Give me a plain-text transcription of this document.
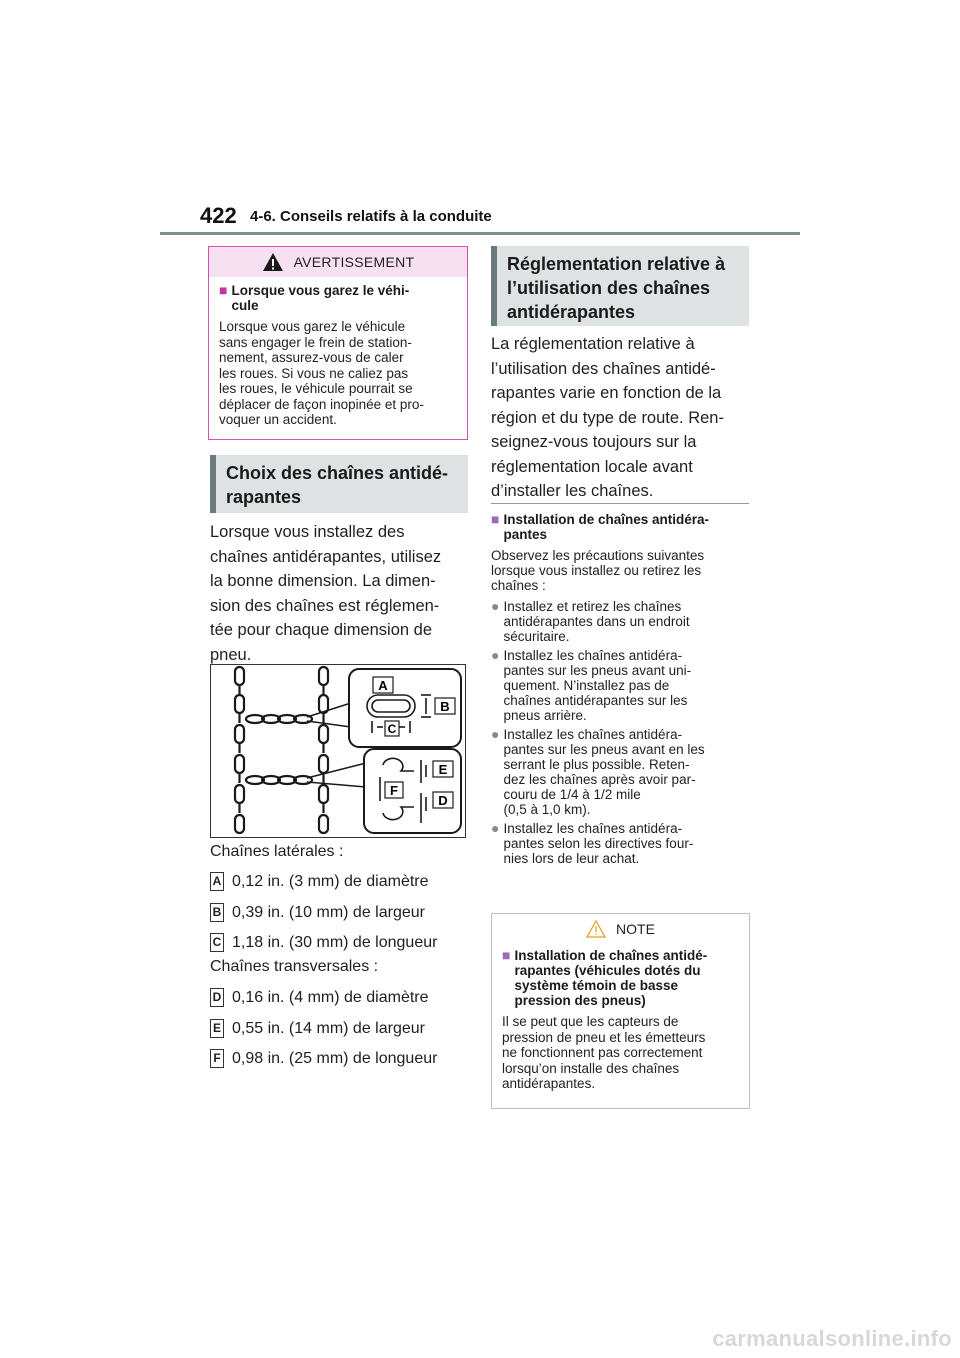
422 4-6. Conseils relatifs à la conduite
AVERTISSEMENT
■ Lorsque vous garez le véhi-
cule
Lorsque vous garez le véhicule
sans engager le frein de station-
nement, assurez-vous de caler
les roues. Si vous ne caliez pas
les roues, le véhicule pourrait se
déplacer de façon inopinée et pro-
voquer un accident.
Choix des chaînes antidé-
rapantes
Lorsque vous installez des
chaînes antidérapantes, utilisez
la bonne dimension. La dimen-
sion des chaînes est réglemen-
tée pour chaque dimension de
pneu.
A
B
C
E
F
D
Chaînes latérales :
A 0,12 in. (3 mm) de diamètre
B 0,39 in. (10 mm) de largeur
C 1,18 in. (30 mm) de longueur
Chaînes transversales :
D 0,16 in. (4 mm) de diamètre
E 0,55 in. (14 mm) de largeur
F 0,98 in. (25 mm) de longueur
Réglementation relative à
l’utilisation des chaînes
antidérapantes
La réglementation relative à
l’utilisation des chaînes antidé-
rapantes varie en fonction de la
région et du type de route. Ren-
seignez-vous toujours sur la
réglementation locale avant
d’installer les chaînes.
■ Installation de chaînes antidéra-
pantes
Observez les précautions suivantes
lorsque vous installez ou retirez les
chaînes :
● Installez et retirez les chaînes
antidérapantes dans un endroit
sécuritaire.
● Installez les chaînes antidéra-
pantes sur les pneus avant uni-
quement. N’installez pas de
chaînes antidérapantes sur les
pneus arrière.
● Installez les chaînes antidéra-
pantes sur les pneus avant en les
serrant le plus possible. Reten-
dez les chaînes après avoir par-
couru de 1/4 à 1/2 mile
(0,5 à 1,0 km).
● Installez les chaînes antidéra-
pantes selon les directives four-
nies lors de leur achat.
NOTE
■ Installation de chaînes antidé-
rapantes (véhicules dotés du
système témoin de basse
pression des pneus)
Il se peut que les capteurs de
pression de pneu et les émetteurs
ne fonctionnent pas correctement
lorsqu’on installe des chaînes
antidérapantes.
carmanualsonline.info
